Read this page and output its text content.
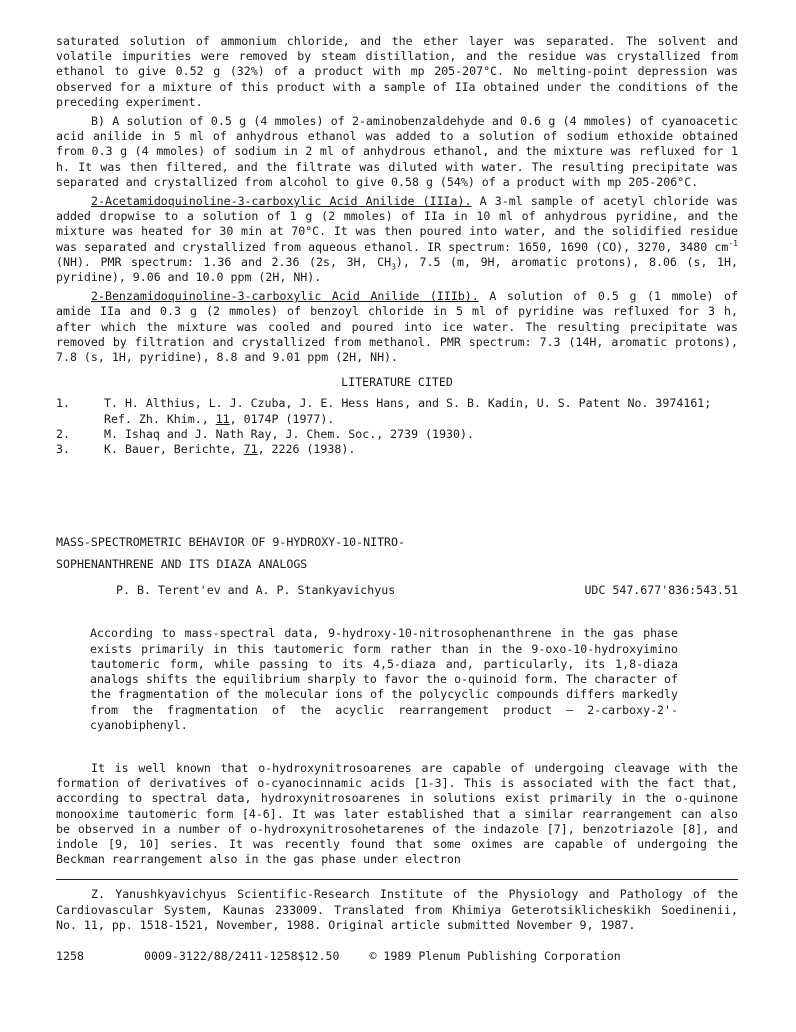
saturated solution of ammonium chloride, and the ether layer was separated. The solvent and volatile impurities were removed by steam distillation, and the residue was crystallized from ethanol to give 0.52 g (32%) of a product with mp 205-207°C. No melting-point depression was observed for a mixture of this product with a sample of IIa obtained under the conditions of the preceding experiment.

B) A solution of 0.5 g (4 mmoles) of 2-aminobenzaldehyde and 0.6 g (4 mmoles) of cyanoacetic acid anilide in 5 ml of anhydrous ethanol was added to a solution of sodium ethoxide obtained from 0.3 g (4 mmoles) of sodium in 2 ml of anhydrous ethanol, and the mixture was refluxed for 1 h. It was then filtered, and the filtrate was diluted with water. The resulting precipitate was separated and crystallized from alcohol to give 0.58 g (54%) of a product with mp 205-206°C.

2-Acetamidoquinoline-3-carboxylic Acid Anilide (IIIa). A 3-ml sample of acetyl chloride was added dropwise to a solution of 1 g (2 mmoles) of IIa in 10 ml of anhydrous pyridine, and the mixture was heated for 30 min at 70°C. It was then poured into water, and the solidified residue was separated and crystallized from aqueous ethanol. IR spectrum: 1650, 1690 (CO), 3270, 3480 $cm^{-1}$ (NH). PMR spectrum: 1.36 and 2.36 (2s, 3H, $CH_3$), 7.5 (m, 9H, aromatic protons), 8.06 (s, 1H, pyridine), 9.06 and 10.0 ppm (2H, NH).

2-Benzamidoquinoline-3-carboxylic Acid Anilide (IIIb). A solution of 0.5 g (1 mmole) of amide IIa and 0.3 g (2 mmoles) of benzoyl chloride in 5 ml of pyridine was refluxed for 3 h, after which the mixture was cooled and poured into ice water. The resulting precipitate was removed by filtration and crystallized from methanol. PMR spectrum: 7.3 (14H, aromatic protons), 7.8 (s, 1H, pyridine), 8.8 and 9.01 ppm (2H, NH).

LITERATURE CITED
1.	T. H. Althius, L. J. Czuba, J. E. Hess Hans, and S. B. Kadin, U. S. Patent No. 3974161; Ref. Zh. Khim., 11, 0174P (1977).
2.	M. Ishaq and J. Nath Ray, J. Chem. Soc., 2739 (1930).
3.	K. Bauer, Berichte, 71, 2226 (1938).
MASS-SPECTROMETRIC BEHAVIOR OF 9-HYDROXY-10-NITRO-
SOPHENANTHRENE AND ITS DIAZA ANALOGS
P. B. Terent'ev and A. P. Stankyavichyus	UDC 547.677'836:543.51

According to mass-spectral data, 9-hydroxy-10-nitrosophenanthrene in the gas phase exists primarily in this tautomeric form rather than in the 9-oxo-10-hydroxyimino tautomeric form, while passing to its 4,5-diaza and, particularly, its 1,8-diaza analogs shifts the equilibrium sharply to favor the o-quinoid form. The character of the fragmentation of the molecular ions of the polycyclic compounds differs markedly from the fragmentation of the acyclic rearrangement product — 2-carboxy-2'-cyanobiphenyl.

It is well known that o-hydroxynitrosoarenes are capable of undergoing cleavage with the formation of derivatives of o-cyanocinnamic acids [1-3]. This is associated with the fact that, according to spectral data, hydroxynitrosoarenes in solutions exist primarily in the o-quinone monooxime tautomeric form [4-6]. It was later established that a similar rearrangement can also be observed in a number of o-hydroxynitrosohetarenes of the indazole [7], benzotriazole [8], and indole [9, 10] series. It was recently found that some oximes are capable of undergoing the Beckman rearrangement also in the gas phase under electron

Z. Yanushkyavichyus Scientific-Research Institute of the Physiology and Pathology of the Cardiovascular System, Kaunas 233009. Translated from Khimiya Geterotsiklicheskikh Soedinenii, No. 11, pp. 1518-1521, November, 1988. Original article submitted November 9, 1987.

1258	0009-3122/88/2411-1258$12.50	© 1989 Plenum Publishing Corporation
